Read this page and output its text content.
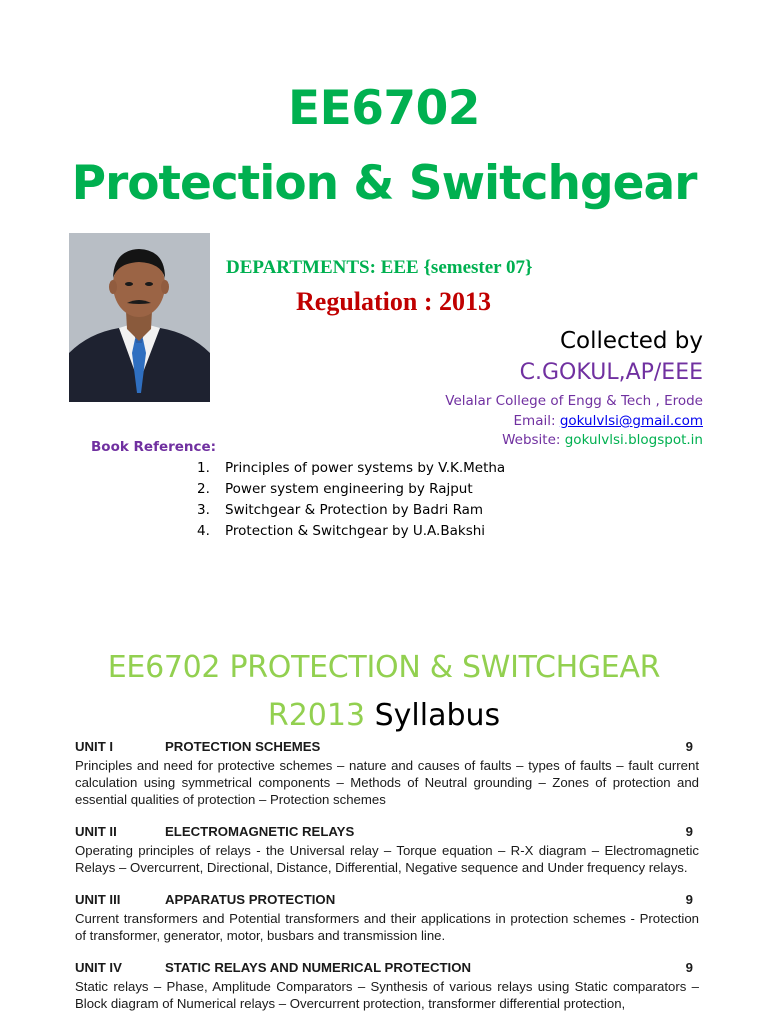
EE6702
Protection & Switchgear
DEPARTMENTS: EEE {semester 07}
Regulation : 2013
Collected by
C.GOKUL,AP/EEE
Velalar College of Engg & Tech , Erode
Email: gokulvlsi@gmail.com
Website: gokulvlsi.blogspot.in
Book Reference:
1. Principles of power systems by V.K.Metha
2. Power system engineering by Rajput
3. Switchgear & Protection by Badri Ram
4. Protection & Switchgear by U.A.Bakshi
EE6702 PROTECTION & SWITCHGEAR
R2013 Syllabus
UNIT I	PROTECTION SCHEMES	9

Principles and need for protective schemes – nature and causes of faults – types of faults – fault current calculation using symmetrical components – Methods of Neutral grounding – Zones of protection and essential qualities of protection – Protection schemes

UNIT II	ELECTROMAGNETIC RELAYS	9

Operating principles of relays - the Universal relay – Torque equation – R-X diagram – Electromagnetic Relays – Overcurrent, Directional, Distance, Differential, Negative sequence and Under frequency relays.

UNIT III	APPARATUS PROTECTION	9

Current transformers and Potential transformers and their applications in protection schemes - Protection of transformer, generator, motor, busbars and transmission line.

UNIT IV	STATIC RELAYS AND NUMERICAL PROTECTION	9

Static relays – Phase, Amplitude Comparators – Synthesis of various relays using Static comparators – Block diagram of Numerical relays – Overcurrent protection, transformer differential protection,
